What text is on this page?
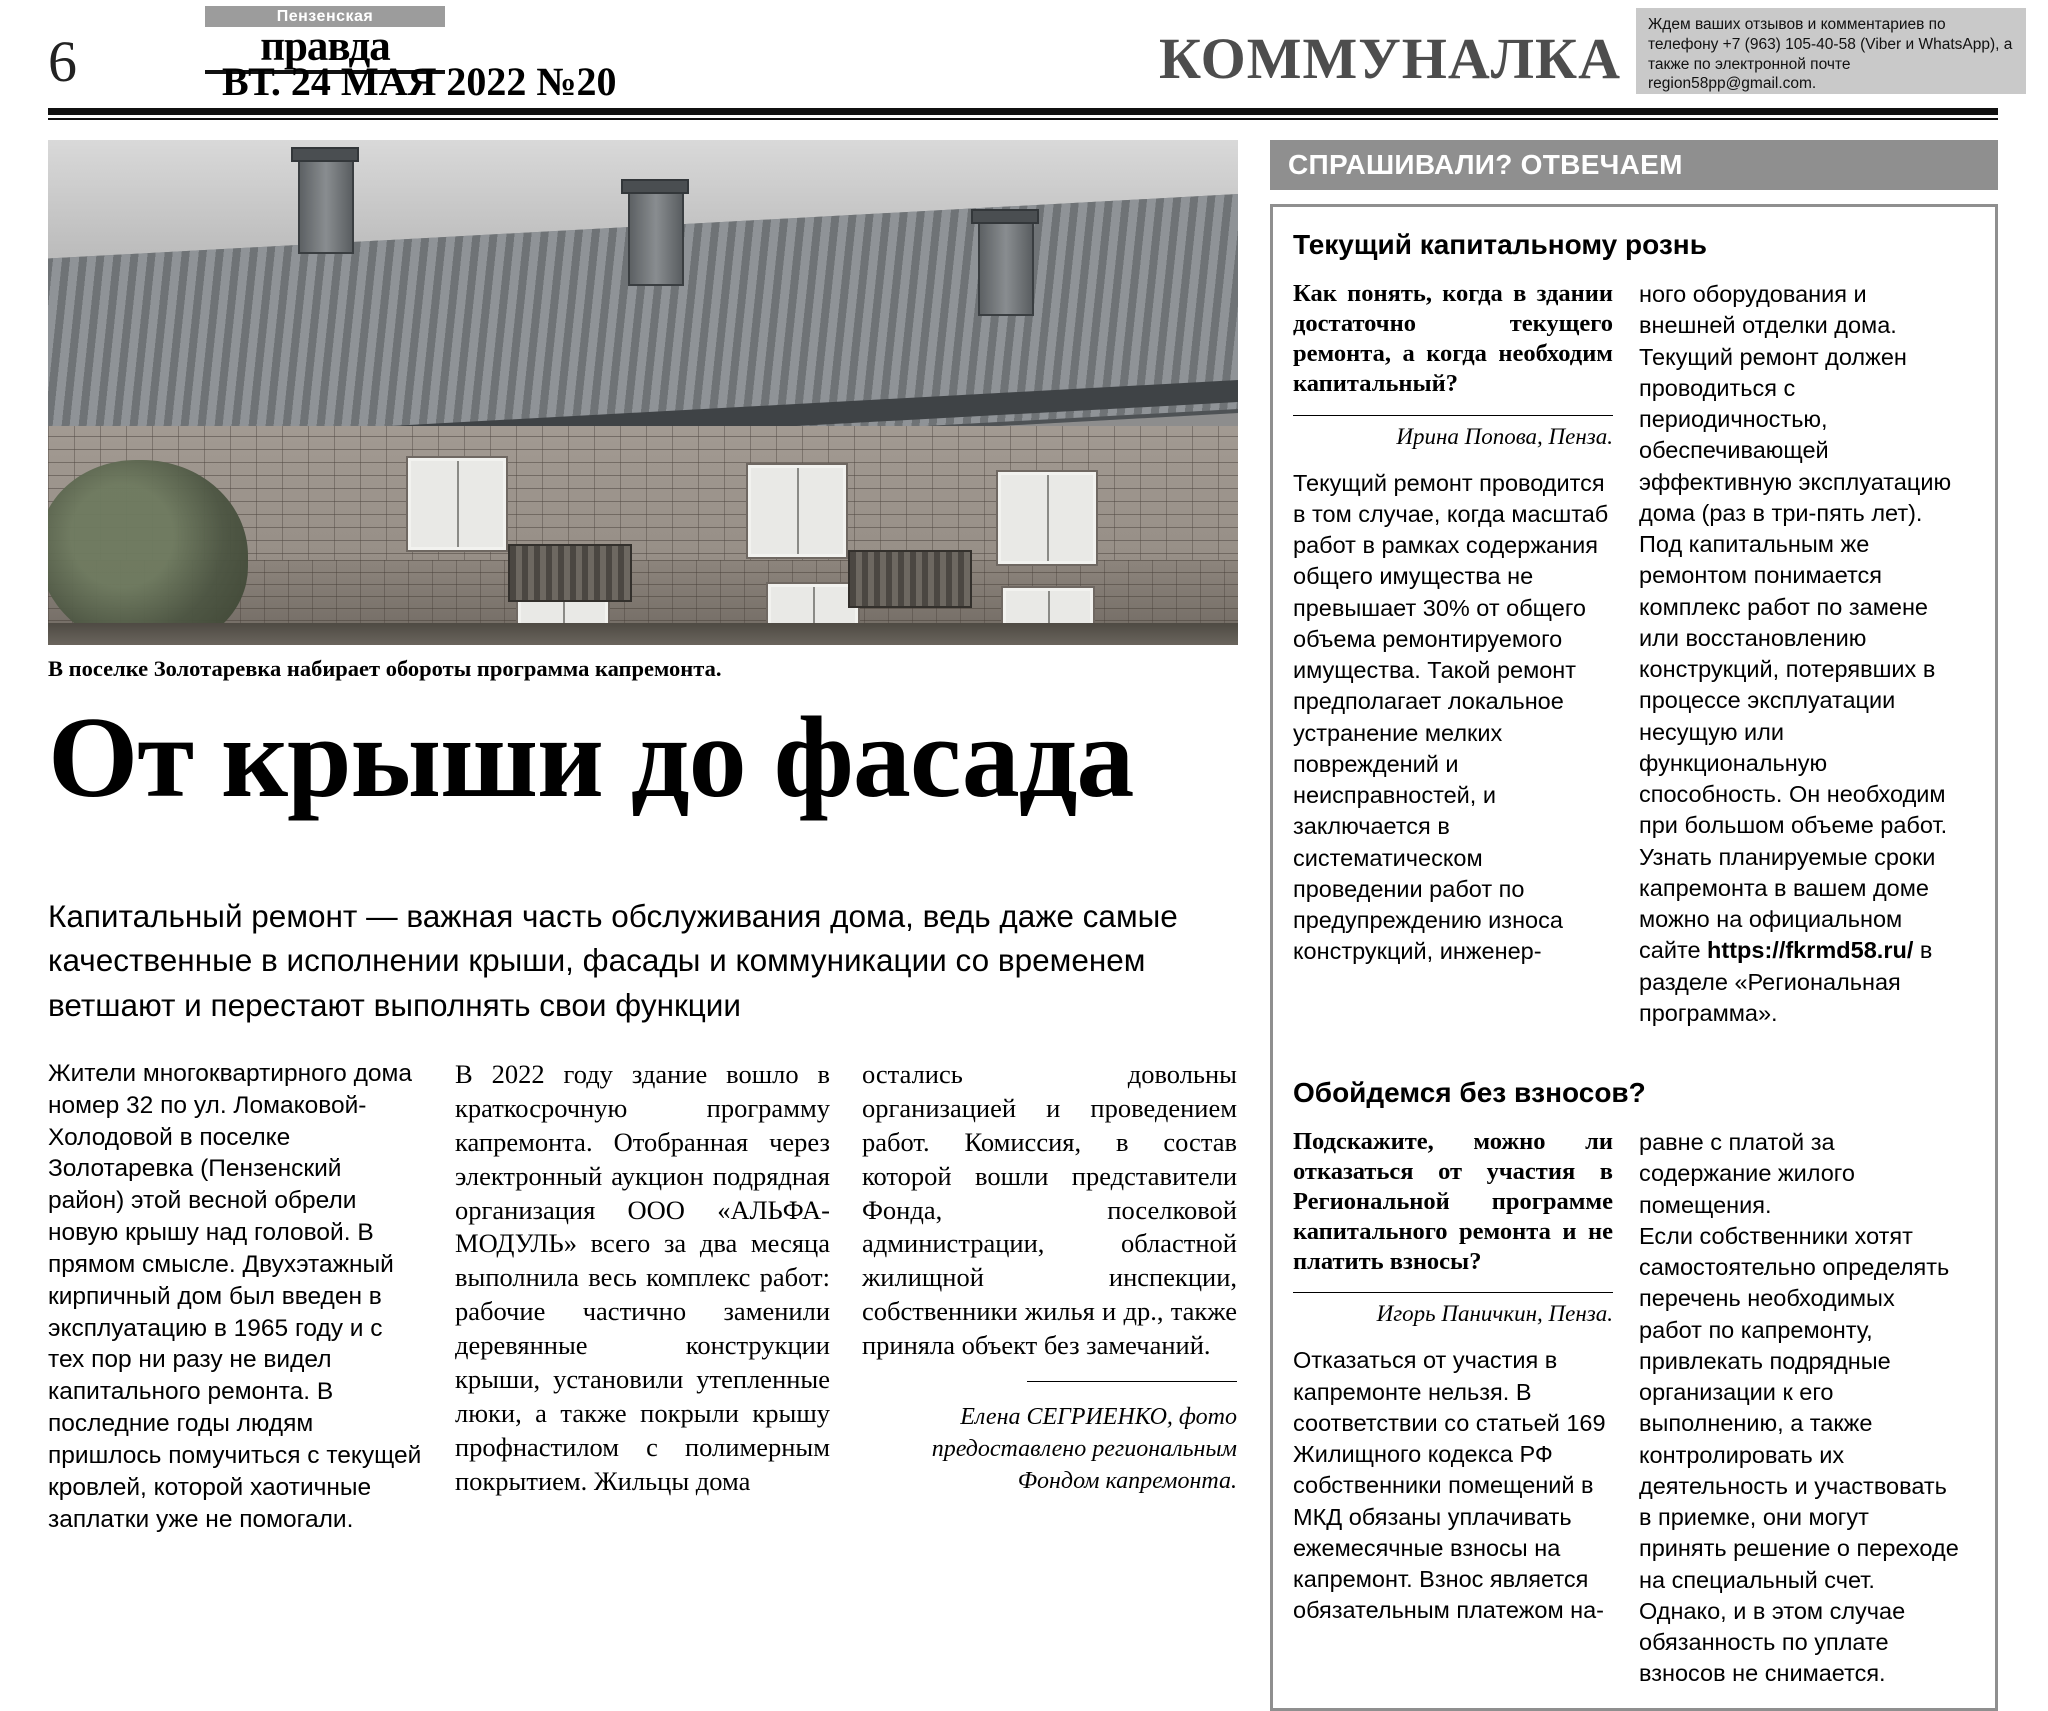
6
Пензенская
правда
ВТ. 24 МАЯ 2022 №20	КОММУНАЛКА
Ждем ваших отзывов и комментариев по телефону +7 (963) 105-40-58 (Viber и WhatsApp), а также по электронной почте region58pp@gmail.com.
В поселке Золотаревка набирает обороты программа капремонта.
От крыши до фасада
Капитальный ремонт — важная часть обслуживания дома, ведь даже самые качественные в исполнении крыши, фасады и коммуникации со временем ветшают и перестают выполнять свои функции
Жители многоквартирного дома номер 32 по ул. Ломаковой-Холодовой в поселке Золотаревка (Пензенский район) этой весной обрели новую крышу над головой. В прямом смысле. Двухэтажный кирпичный дом был введен в эксплуатацию в 1965 году и с тех пор ни разу не видел капитального ремонта. В последние годы людям пришлось помучиться с текущей кровлей, которой хаотичные заплатки уже не помогали.
В 2022 году здание вошло в краткосрочную программу капремонта. Отобранная через электронный аукцион подрядная организация ООО «АЛЬФА-МОДУЛЬ» всего за два месяца выполнила весь комплекс работ: рабочие частично заменили деревянные конструкции крыши, установили утепленные люки, а также покрыли крышу профнастилом с полимерным покрытием. Жильцы дома
остались довольны организацией и проведением работ. Комиссия, в состав которой вошли представители Фонда, поселковой администрации, областной жилищной инспекции, собственники жилья и др., также приняла объект без замечаний.
Елена СЕГРИЕНКО, фото предоставлено региональным Фондом капремонта.
СПРАШИВАЛИ? ОТВЕЧАЕМ
Текущий капитальному рознь
Как понять, когда в здании достаточно текущего ремонта, а когда необходим капитальный?
Ирина Попова, Пенза.
Текущий ремонт проводится в том случае, когда масштаб работ в рамках содержания общего имущества не превышает 30% от общего объема ремонтируемого имущества. Такой ремонт предполагает локальное устранение мелких повреждений и неисправностей, и заключается в систематическом проведении работ по предупреждению износа конструкций, инженер-
ного оборудования и внешней отделки дома. Текущий ремонт должен проводиться с периодичностью, обеспечивающей эффективную эксплуатацию дома (раз в три-пять лет).
Под капитальным же ремонтом понимается комплекс работ по замене или восстановлению конструкций, потерявших в процессе эксплуатации несущую или функциональную способность. Он необходим при большом объеме работ. Узнать планируемые сроки капремонта в вашем доме можно на официальном сайте https://fkrmd58.ru/ в разделе «Региональная программа».
Обойдемся без взносов?
Подскажите, можно ли отказаться от участия в Региональной программе капитального ремонта и не платить взносы?
Игорь Паничкин, Пенза.
Отказаться от участия в капремонте нельзя. В соответствии со статьей 169 Жилищного кодекса РФ собственники помещений в МКД обязаны уплачивать ежемесячные взносы на капремонт. Взнос является обязательным платежом на-
равне с платой за содержание жилого помещения.
Если собственники хотят самостоятельно определять перечень необходимых работ по капремонту, привлекать подрядные организации к его выполнению, а также контролировать их деятельность и участвовать в приемке, они могут принять решение о переходе на специальный счет. Однако, и в этом случае обязанность по уплате взносов не снимается.
